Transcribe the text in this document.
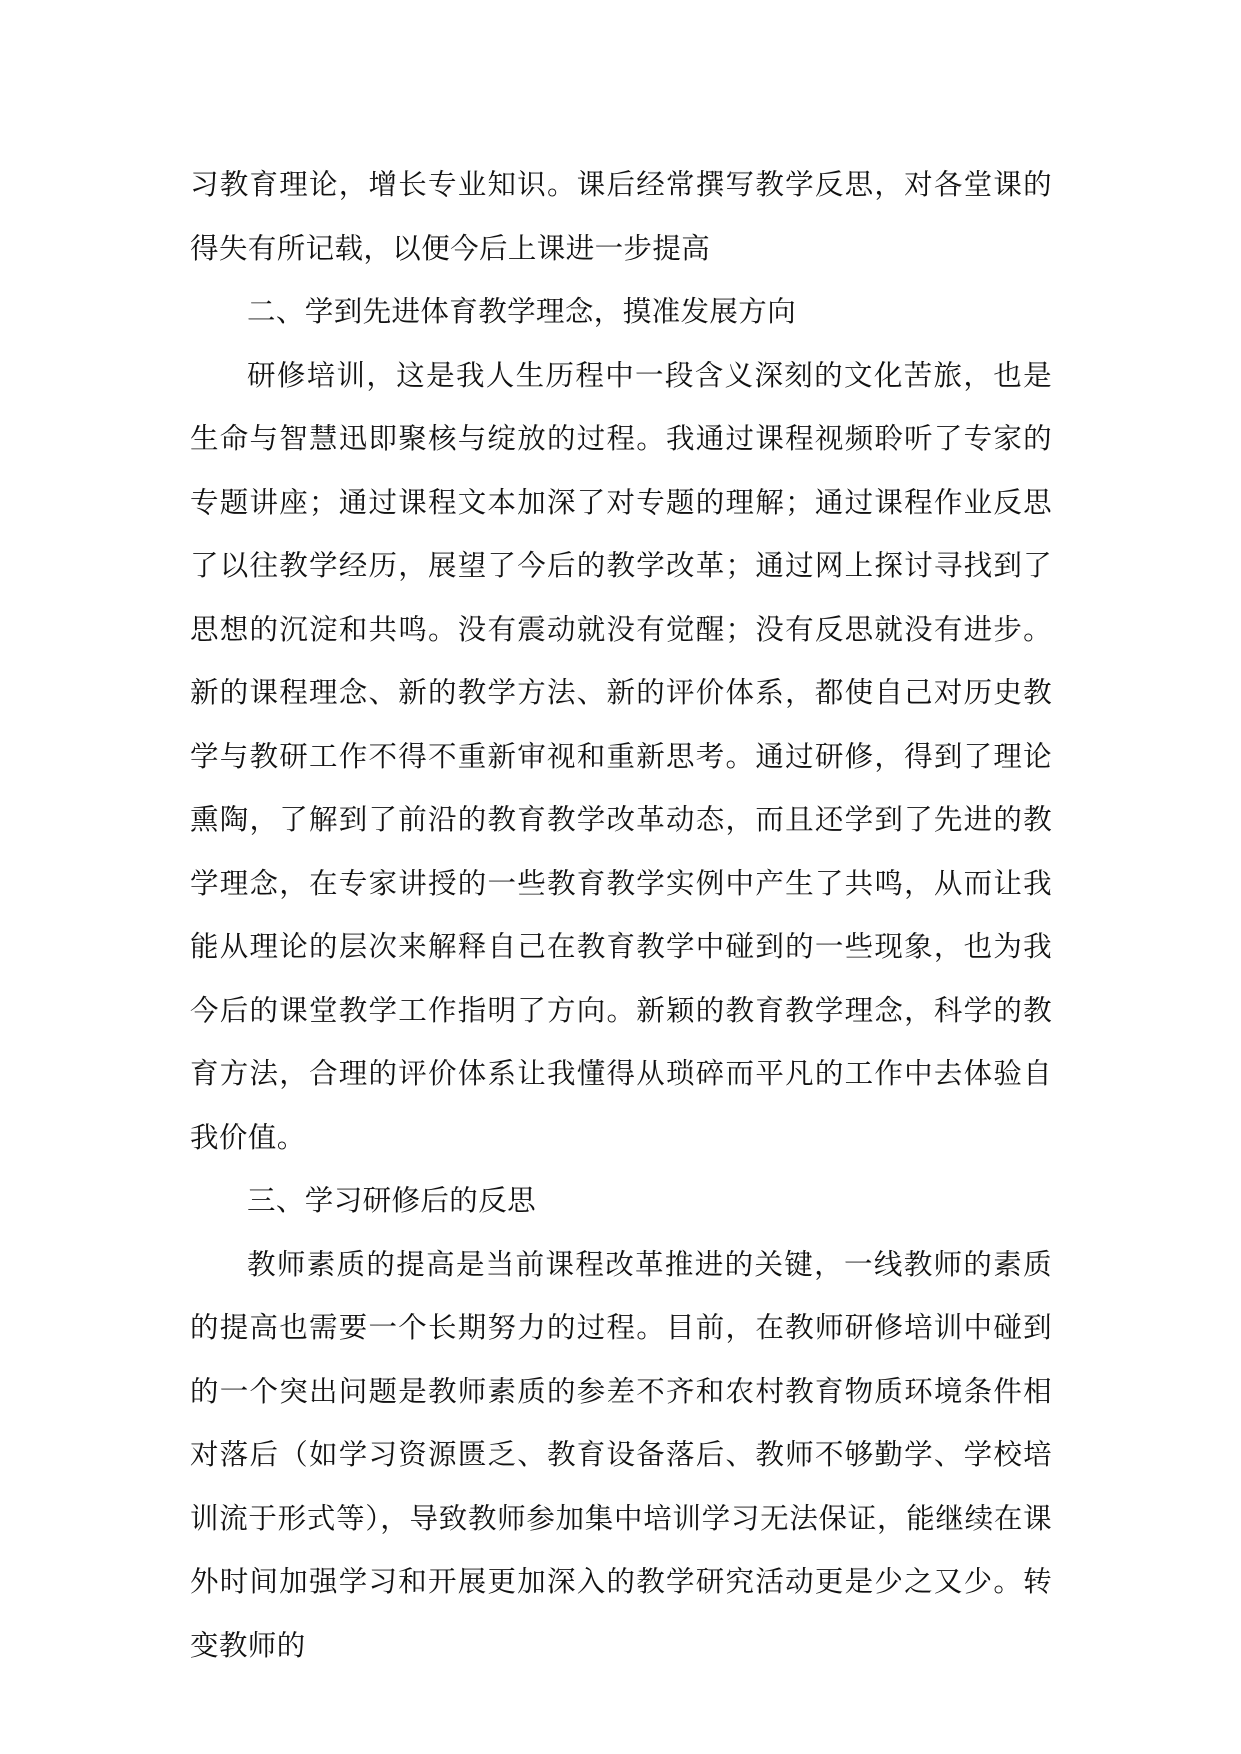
习教育理论，增长专业知识。课后经常撰写教学反思，对各堂课的得失有所记载，以便今后上课进一步提高

二、学到先进体育教学理念，摸准发展方向

研修培训，这是我人生历程中一段含义深刻的文化苦旅，也是生命与智慧迅即聚核与绽放的过程。我通过课程视频聆听了专家的专题讲座；通过课程文本加深了对专题的理解；通过课程作业反思了以往教学经历，展望了今后的教学改革；通过网上探讨寻找到了思想的沉淀和共鸣。没有震动就没有觉醒；没有反思就没有进步。新的课程理念、新的教学方法、新的评价体系，都使自己对历史教学与教研工作不得不重新审视和重新思考。通过研修，得到了理论熏陶，了解到了前沿的教育教学改革动态，而且还学到了先进的教学理念，在专家讲授的一些教育教学实例中产生了共鸣，从而让我能从理论的层次来解释自己在教育教学中碰到的一些现象，也为我今后的课堂教学工作指明了方向。新颖的教育教学理念，科学的教育方法，合理的评价体系让我懂得从琐碎而平凡的工作中去体验自我价值。

三、学习研修后的反思

教师素质的提高是当前课程改革推进的关键，一线教师的素质的提高也需要一个长期努力的过程。目前，在教师研修培训中碰到的一个突出问题是教师素质的参差不齐和农村教育物质环境条件相对落后（如学习资源匮乏、教育设备落后、教师不够勤学、学校培训流于形式等），导致教师参加集中培训学习无法保证，能继续在课外时间加强学习和开展更加深入的教学研究活动更是少之又少。转变教师的
